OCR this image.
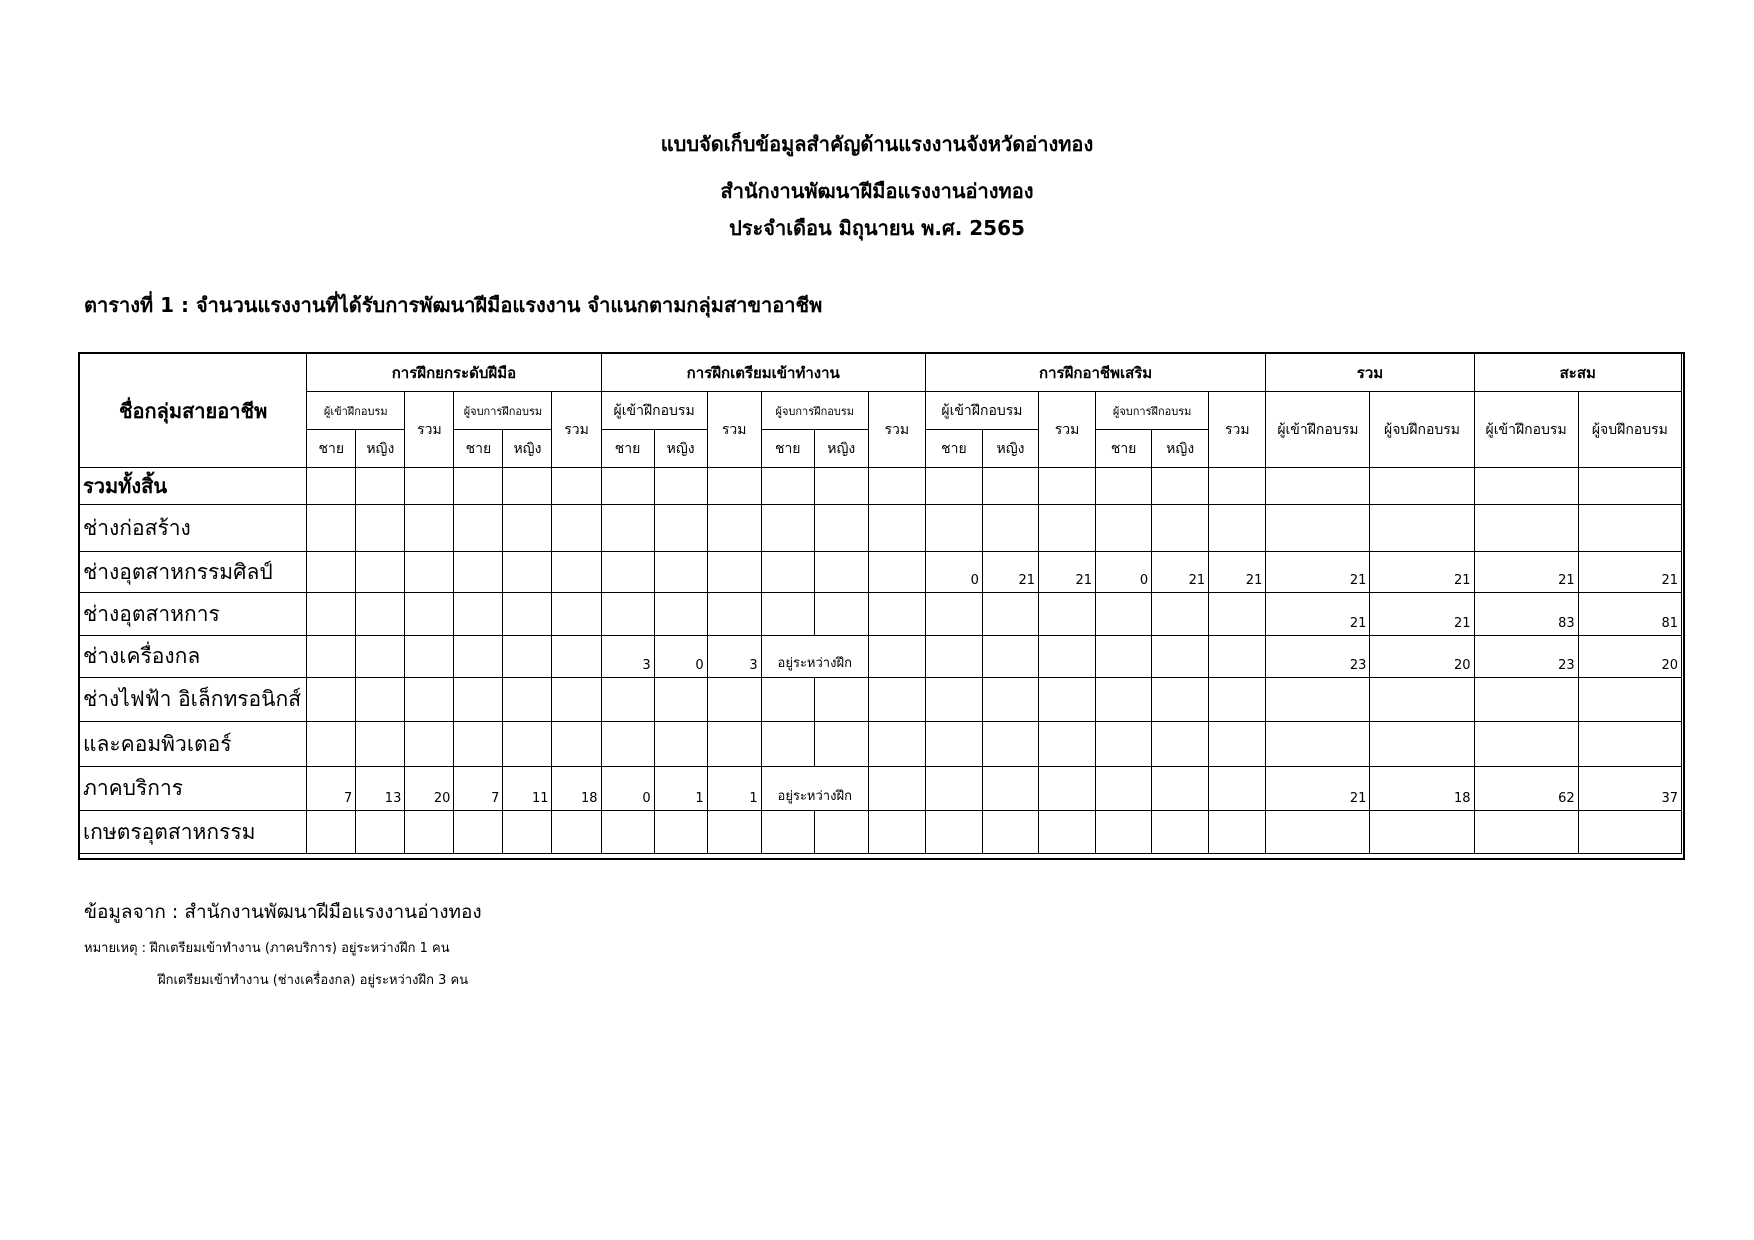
แบบจัดเก็บข้อมูลสำคัญด้านแรงงานจังหวัดอ่างทอง
สำนักงานพัฒนาฝีมือแรงงานอ่างทอง
ประจำเดือน มิถุนายน พ.ศ. 2565
ตารางที่ 1 : จำนวนแรงงานที่ได้รับการพัฒนาฝีมือแรงงาน จำแนกตามกลุ่มสาขาอาชีพ
ชื่อกลุ่มสายอาชีพ	การฝึกยกระดับฝีมือ						การฝึกเตรียมเข้าทำงาน						การฝึกอาชีพเสริม						รวม		สะสม	
	ผู้เข้าฝึกอบรม		รวม	ผู้จบการฝึกอบรม		รวม	ผู้เข้าฝึกอบรม		รวม	ผู้จบการฝึกอบรม		รวม	ผู้เข้าฝึกอบรม		รวม	ผู้จบการฝึกอบรม		รวม	ผู้เข้าฝึกอบรม	ผู้จบฝึกอบรม	ผู้เข้าฝึกอบรม	ผู้จบฝึกอบรม
	ชาย	หญิง		ชาย	หญิง		ชาย	หญิง		ชาย	หญิง		ชาย	หญิง		ชาย	หญิง					
รวมทั้งสิ้น																						
ช่างก่อสร้าง																						
ช่างอุตสาหกรรมศิลป์													0	21	21	0	21	21	21	21	21	21
ช่างอุตสาหการ																			21	21	83	81
ช่างเครื่องกล							3	0	3	อยู่ระหว่างฝึก									23	20	23	20
ช่างไฟฟ้า อิเล็กทรอนิกส์																						
และคอมพิวเตอร์																						
ภาคบริการ	7	13	20	7	11	18	0	1	1	อยู่ระหว่างฝึก									21	18	62	37
เกษตรอุตสาหกรรม																						
ข้อมูลจาก : สำนักงานพัฒนาฝีมือแรงงานอ่างทอง
หมายเหตุ : ฝึกเตรียมเข้าทำงาน (ภาคบริการ) อยู่ระหว่างฝึก 1 คน
ฝึกเตรียมเข้าทำงาน (ช่างเครื่องกล) อยู่ระหว่างฝึก 3 คน
